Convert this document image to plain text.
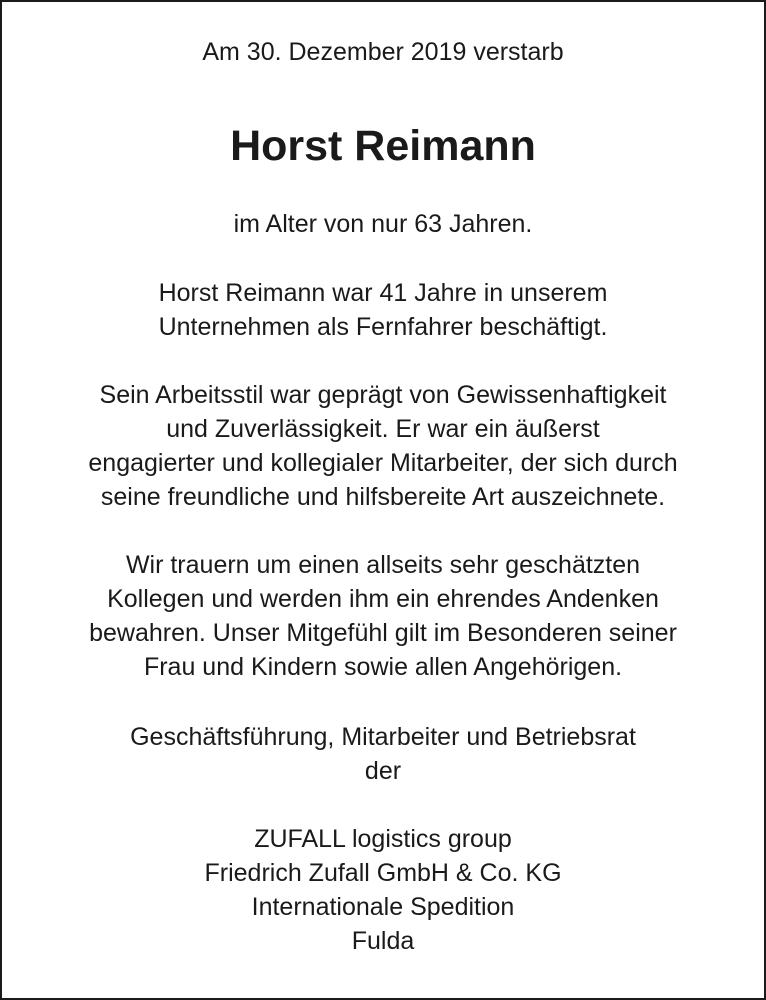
Am 30. Dezember 2019 verstarb
Horst Reimann
im Alter von nur 63 Jahren.
Horst Reimann war 41 Jahre in unserem
Unternehmen als Fernfahrer beschäftigt.
Sein Arbeitsstil war geprägt von Gewissenhaftigkeit
und Zuverlässigkeit. Er war ein äußerst
engagierter und kollegialer Mitarbeiter, der sich durch
seine freundliche und hilfsbereite Art auszeichnete.
Wir trauern um einen allseits sehr geschätzten
Kollegen und werden ihm ein ehrendes Andenken
bewahren. Unser Mitgefühl gilt im Besonderen seiner
Frau und Kindern sowie allen Angehörigen.
Geschäftsführung, Mitarbeiter und Betriebsrat
der
ZUFALL logistics group
Friedrich Zufall GmbH & Co. KG
Internationale Spedition
Fulda
